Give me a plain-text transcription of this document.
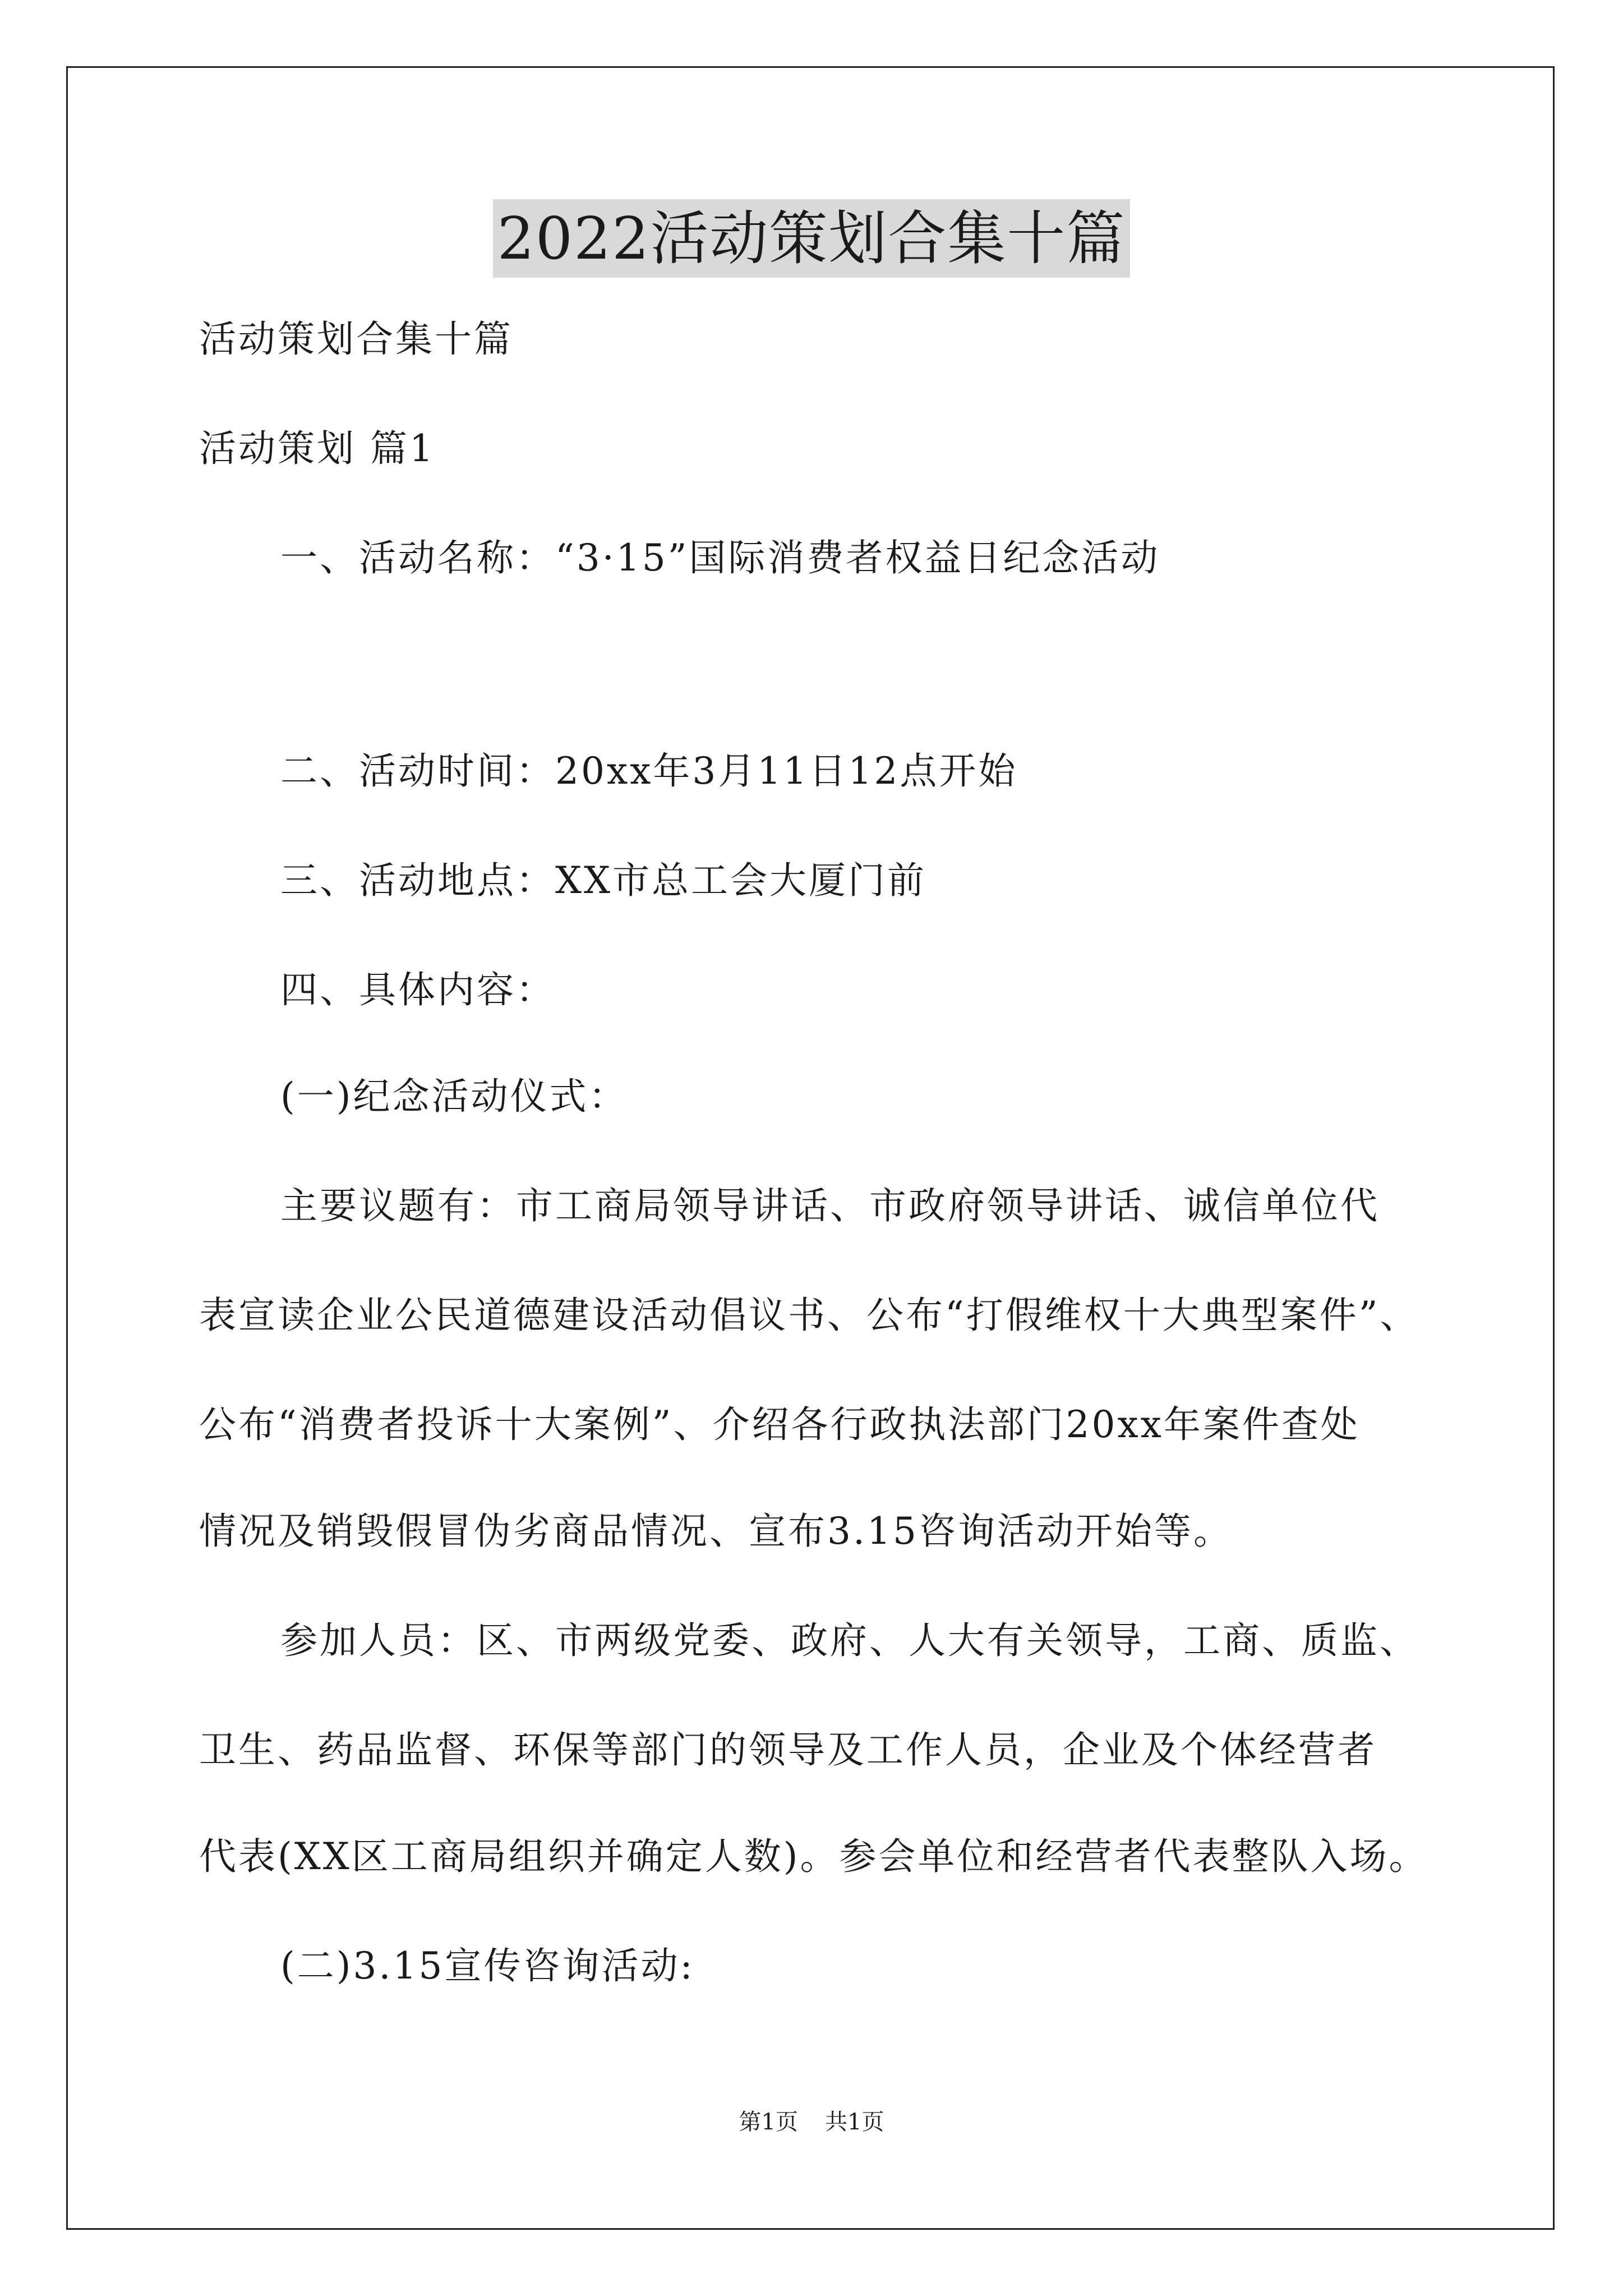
2022活动策划合集十篇
活动策划合集十篇
活动策划 篇1
一、活动名称：“3·15”国际消费者权益日纪念活动
二、活动时间：20xx年3月11日12点开始
三、活动地点：XX市总工会大厦门前
四、具体内容：
(一)纪念活动仪式：
主要议题有：市工商局领导讲话、市政府领导讲话、诚信单位代
表宣读企业公民道德建设活动倡议书、公布“打假维权十大典型案件”、
公布“消费者投诉十大案例”、介绍各行政执法部门20xx年案件查处
情况及销毁假冒伪劣商品情况、宣布3.15咨询活动开始等。
参加人员：区、市两级党委、政府、人大有关领导，工商、质监、
卫生、药品监督、环保等部门的领导及工作人员，企业及个体经营者
代表(XX区工商局组织并确定人数)。参会单位和经营者代表整队入场。
(二)3.15宣传咨询活动:
第1页 共1页
